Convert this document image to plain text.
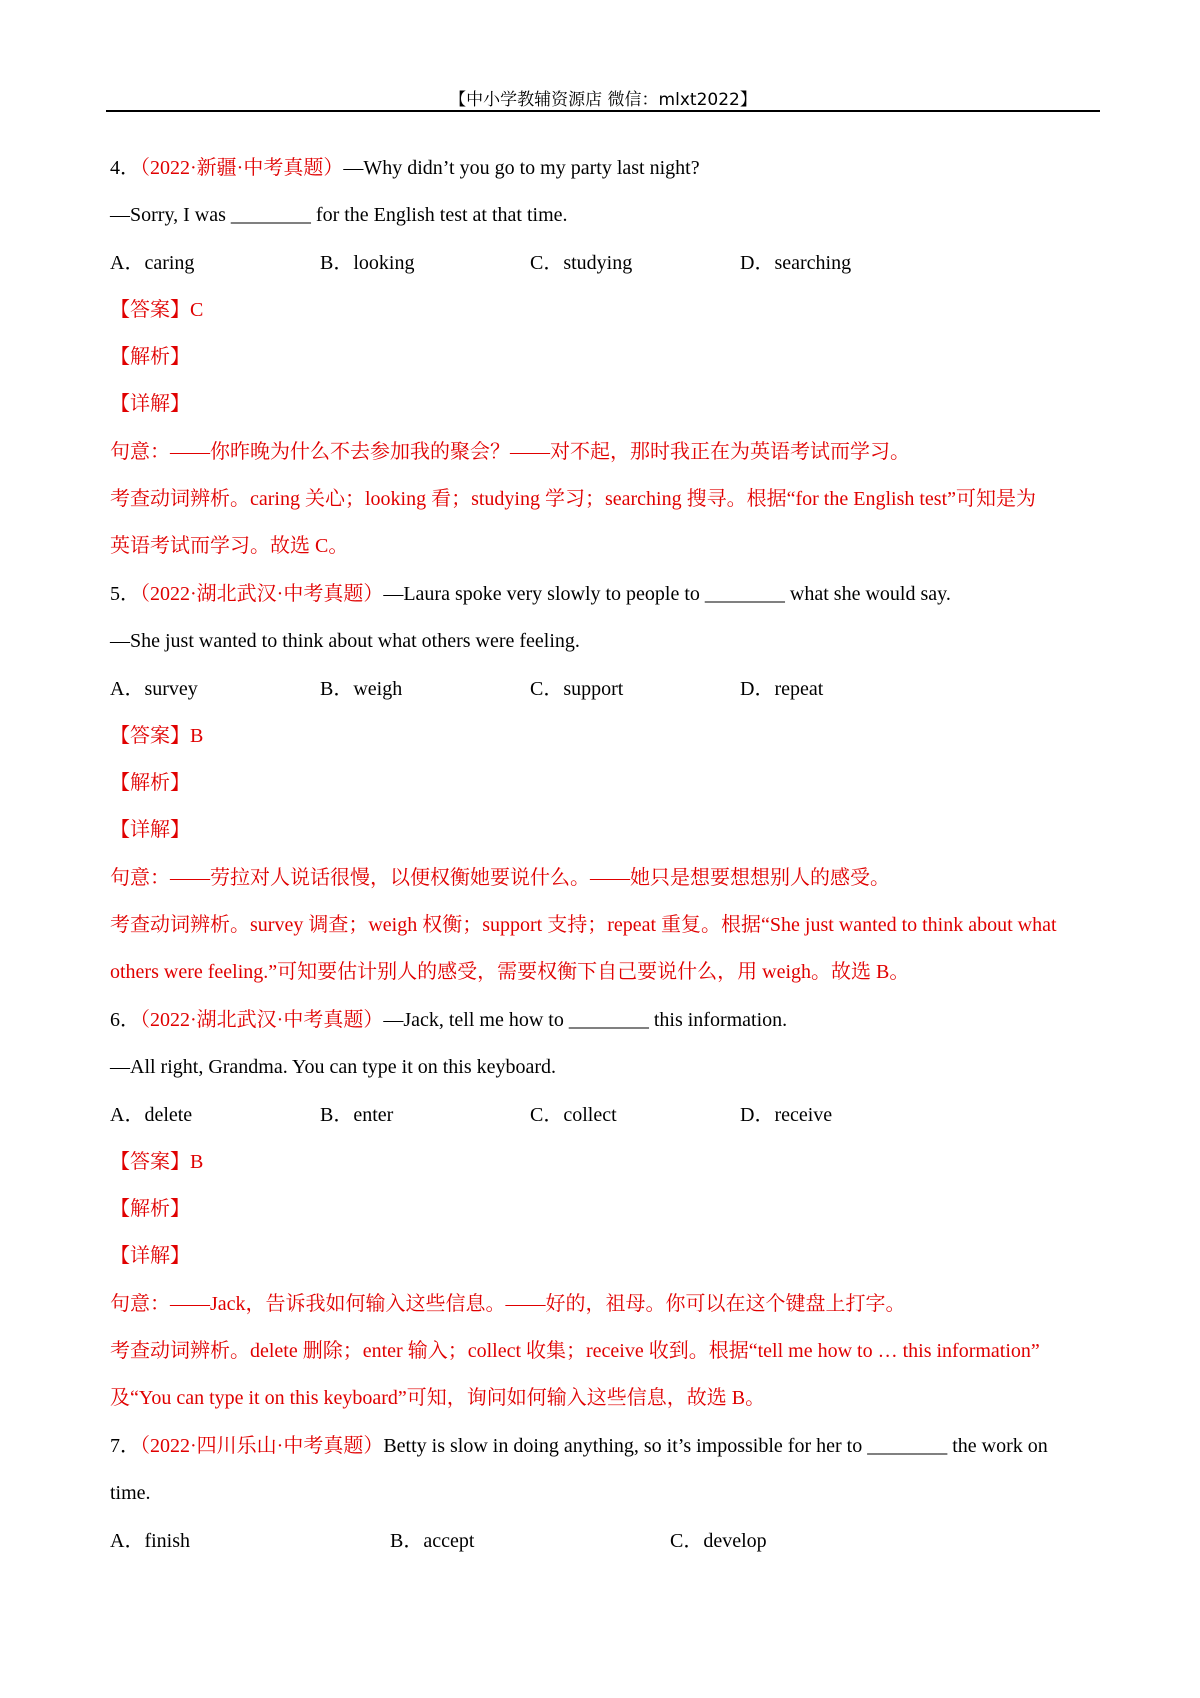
【中小学教辅资源店 微信：mlxt2022】
4．（2022·新疆·中考真题）—Why didn’t you go to my party last night?
—Sorry, I was ________ for the English test at that time.
A．caring	B．looking	C．studying	D．searching
【答案】C
【解析】
【详解】
句意：——你昨晚为什么不去参加我的聚会？——对不起，那时我正在为英语考试而学习。
考查动词辨析。caring 关心；looking 看；studying 学习；searching 搜寻。根据“for the English test”可知是为
英语考试而学习。故选 C。
5．（2022·湖北武汉·中考真题）—Laura spoke very slowly to people to ________ what she would say.
—She just wanted to think about what others were feeling.
A．survey	B．weigh	C．support	D．repeat
【答案】B
【解析】
【详解】
句意：——劳拉对人说话很慢，以便权衡她要说什么。——她只是想要想想别人的感受。
考查动词辨析。survey 调查；weigh 权衡；support 支持；repeat 重复。根据“She just wanted to think about what
others were feeling.”可知要估计别人的感受，需要权衡下自己要说什么，用 weigh。故选 B。
6．（2022·湖北武汉·中考真题）—Jack, tell me how to ________ this information.
—All right, Grandma. You can type it on this keyboard.
A．delete	B．enter	C．collect	D．receive
【答案】B
【解析】
【详解】
句意：——Jack，告诉我如何输入这些信息。——好的，祖母。你可以在这个键盘上打字。
考查动词辨析。delete 删除；enter 输入；collect 收集；receive 收到。根据“tell me how to … this information”
及“You can type it on this keyboard”可知，询问如何输入这些信息，故选 B。
7．（2022·四川乐山·中考真题）Betty is slow in doing anything, so it’s impossible for her to ________ the work on
time.
A．finish	B．accept	C．develop
